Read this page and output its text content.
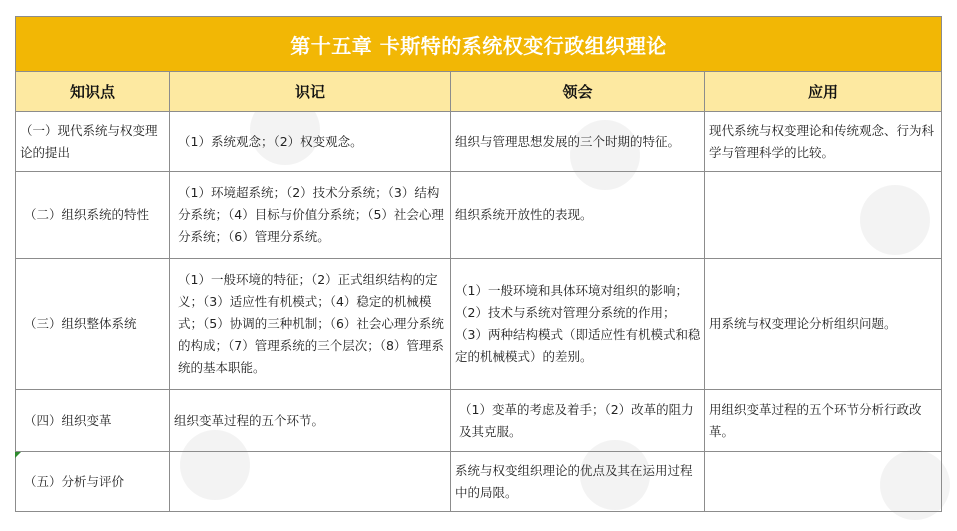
第十五章 卡斯特的系统权变行政组织理论			
知识点	识记	领会	应用
（一）现代系统与权变理论的提出	（1）系统观念；（2）权变观念。	组织与管理思想发展的三个时期的特征。	现代系统与权变理论和传统观念、行为科学与管理科学的比较。
（二）组织系统的特性	（1）环境超系统；（2）技术分系统；（3）结构分系统；（4）目标与价值分系统；（5）社会心理分系统；（6）管理分系统。	组织系统开放性的表现。	
（三）组织整体系统	（1）一般环境的特征；（2）正式组织结构的定义；（3）适应性有机模式；（4）稳定的机械模式；（5）协调的三种机制；（6）社会心理分系统的构成；（7）管理系统的三个层次；（8）管理系统的基本职能。	（1）一般环境和具体环境对组织的影响；
（2）技术与系统对管理分系统的作用；
（3）两种结构模式（即适应性有机模式和稳定的机械模式）的差别。	用系统与权变理论分析组织问题。
（四）组织变革	组织变革过程的五个环节。	（1）变革的考虑及着手；（2）改革的阻力及其克服。	用组织变革过程的五个环节分析行政改革。
（五）分析与评价		系统与权变组织理论的优点及其在运用过程中的局限。	
